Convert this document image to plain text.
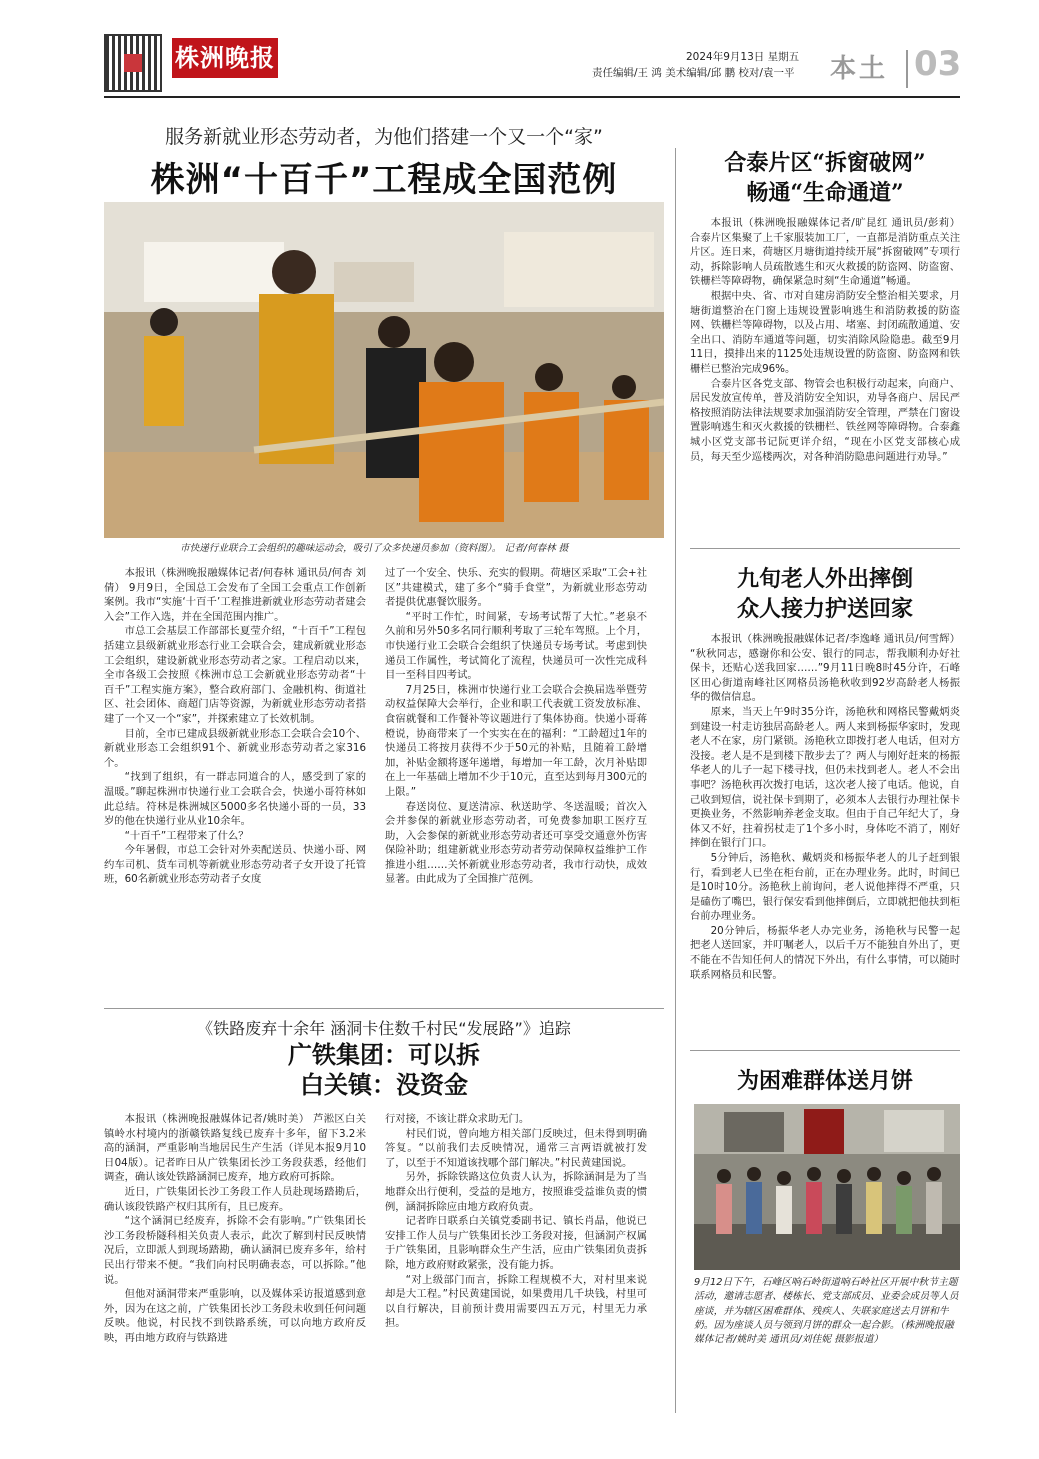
株洲晚报	2024年9月13日 星期五
责任编辑/王 鸿 美术编辑/邱 鹏 校对/袁一平	本土 03
服务新就业形态劳动者，为他们搭建一个又一个“家”
株洲“十百千”工程成全国范例
市快递行业联合工会组织的趣味运动会，吸引了众多快递员参加（资料图）。 记者/何春林 摄

本报讯（株洲晚报融媒体记者/何春林 通讯员/何杏 刘倩） 9月9日，全国总工会发布了全国工会重点工作创新案例。我市“实施‘十百千’工程推进新就业形态劳动者建会入会”工作入选，并在全国范围内推广。

市总工会基层工作部部长夏莹介绍，“十百千”工程包括建立县级新就业形态行业工会联合会，建成新就业形态工会组织，建设新就业形态劳动者之家。工程启动以来，全市各级工会按照《株洲市总工会新就业形态劳动者“十百千”工程实施方案》，整合政府部门、金融机构、街道社区、社会团体、商超门店等资源，为新就业形态劳动者搭建了一个又一个“家”，并探索建立了长效机制。

目前，全市已建成县级新就业形态工会联合会10个、新就业形态工会组织91个、新就业形态劳动者之家316个。

“找到了组织，有一群志同道合的人，感受到了家的温暖。”聊起株洲市快递行业工会联合会，快递小哥符林如此总结。符林是株洲城区5000多名快递小哥的一员，33岁的他在快递行业从业10余年。

“十百千”工程带来了什么？

今年暑假，市总工会针对外卖配送员、快递小哥、网约车司机、货车司机等新就业形态劳动者子女开设了托管班，60名新就业形态劳动者子女度

过了一个安全、快乐、充实的假期。荷塘区采取“工会+社区”共建模式，建了多个“骑手食堂”，为新就业形态劳动者提供优惠餐饮服务。

“平时工作忙，时间紧，专场考试帮了大忙。”老泉不久前和另外50多名同行顺利考取了三轮车驾照。上个月，市快递行业工会联合会组织了快递员专场考试。考虑到快递员工作属性，考试简化了流程，快递员可一次性完成科目一至科目四考试。

7月25日，株洲市快递行业工会联合会换届选举暨劳动权益保障大会举行，企业和职工代表就工资发放标准、食宿就餐和工作餐补等议题进行了集体协商。快递小哥蒋橙说，协商带来了一个实实在在的福利：“工龄超过1年的快递员工将按月获得不少于50元的补贴，且随着工龄增加，补贴金额将逐年递增，每增加一年工龄，次月补贴即在上一年基础上增加不少于10元，直至达到每月300元的上限。”

春送岗位、夏送清凉、秋送助学、冬送温暖；首次入会并参保的新就业形态劳动者，可免费参加职工医疗互助，入会参保的新就业形态劳动者还可享受交通意外伤害保险补助；组建新就业形态劳动者劳动保障权益维护工作推进小组……关怀新就业形态劳动者，我市行动快，成效显著。由此成为了全国推广范例。

《铁路废弃十余年 涵洞卡住数千村民“发展路”》追踪
广铁集团：可以拆
白关镇：没资金

本报讯（株洲晚报融媒体记者/姚时美） 芦淞区白关镇岭水村境内的浙赣铁路复线已废弃十多年，留下3.2米高的涵洞，严重影响当地居民生产生活（详见本报9月10日04版）。记者昨日从广铁集团长沙工务段获悉，经他们调查，确认该处铁路涵洞已废弃，地方政府可拆除。

近日，广铁集团长沙工务段工作人员赴现场踏勘后，确认该段铁路产权归其所有，且已废弃。

“这个涵洞已经废弃，拆除不会有影响。”广铁集团长沙工务段桥隧科相关负责人表示，此次了解到村民反映情况后，立即派人到现场踏勘，确认涵洞已废弃多年，给村民出行带来不便。“我们向村民明确表态，可以拆除。”他说。

但他对涵洞带来严重影响，以及媒体采访报道感到意外，因为在这之前，广铁集团长沙工务段未收到任何问题反映。他说，村民找不到铁路系统，可以向地方政府反映，再由地方政府与铁路进

行对接，不该让群众求助无门。

村民们说，曾向地方相关部门反映过，但未得到明确答复。“以前我们去反映情况，通常三言两语就被打发了，以至于不知道该找哪个部门解决。”村民黄建国说。

另外，拆除铁路这位负责人认为，拆除涵洞是为了当地群众出行便利，受益的是地方，按照谁受益谁负责的惯例，涵洞拆除应由地方政府负责。

记者昨日联系白关镇党委副书记、镇长肖晶，他说已安排工作人员与广铁集团长沙工务段对接，但涵洞产权属于广铁集团，且影响群众生产生活，应由广铁集团负责拆除，地方政府财政紧张，没有能力拆。

“对上级部门而言，拆除工程规模不大，对村里来说却是大工程。”村民黄建国说，如果费用几千块钱，村里可以自行解决，目前预计费用需要四五万元，村里无力承担。

合泰片区“拆窗破网”
畅通“生命通道”

本报讯（株洲晚报融媒体记者/旷昆红 通讯员/彭莉） 合泰片区集聚了上千家服装加工厂，一直都是消防重点关注片区。连日来，荷塘区月塘街道持续开展“拆窗破网”专项行动，拆除影响人员疏散逃生和灭火救援的防盗网、防盗窗、铁栅栏等障碍物，确保紧急时刻“生命通道”畅通。

根据中央、省、市对自建房消防安全整治相关要求，月塘街道整治在门窗上违规设置影响逃生和消防救援的防盗网、铁栅栏等障碍物，以及占用、堵塞、封闭疏散通道、安全出口、消防车通道等问题，切实消除风险隐患。截至9月11日，摸排出来的1125处违规设置的防盗窗、防盗网和铁栅栏已整治完成96%。

合泰片区各党支部、物管会也积极行动起来，向商户、居民发放宣传单，普及消防安全知识，劝导各商户、居民严格按照消防法律法规要求加强消防安全管理，严禁在门窗设置影响逃生和灭火救援的铁栅栏、铁丝网等障碍物。合泰鑫城小区党支部书记阮更详介绍，“现在小区党支部核心成员，每天至少巡楼两次，对各种消防隐患问题进行劝导。”

九旬老人外出摔倒
众人接力护送回家

本报讯（株洲晚报融媒体记者/李逸峰 通讯员/何雪辉） “秋秋同志，感谢你和公安、银行的同志，帮我顺利办好社保卡，还贴心送我回家……”9月11日晚8时45分许，石峰区田心街道南峰社区网格员汤艳秋收到92岁高龄老人杨振华的微信信息。

原来，当天上午9时35分许，汤艳秋和网格民警戴炳炎到建设一村走访独居高龄老人。两人来到杨振华家时，发现老人不在家，房门紧锁。汤艳秋立即拨打老人电话，但对方没接。老人是不是到楼下散步去了？两人与刚好赶来的杨振华老人的儿子一起下楼寻找，但仍未找到老人。老人不会出事吧？汤艳秋再次拨打电话，这次老人接了电话。他说，自己收到短信，说社保卡到期了，必须本人去银行办理社保卡更换业务，不然影响养老金支取。但由于自己年纪大了，身体又不好，拄着拐杖走了1个多小时，身体吃不消了，刚好摔倒在银行门口。

5分钟后，汤艳秋、戴炳炎和杨振华老人的儿子赶到银行，看到老人已坐在柜台前，正在办理业务。此时，时间已是10时10分。汤艳秋上前询问，老人说他摔得不严重，只是磕伤了嘴巴，银行保安看到他摔倒后，立即就把他扶到柜台前办理业务。

20分钟后，杨振华老人办完业务，汤艳秋与民警一起把老人送回家，并叮嘱老人，以后千万不能独自外出了，更不能在不告知任何人的情况下外出，有什么事情，可以随时联系网格员和民警。

为困难群体送月饼
9月12日下午，石峰区响石岭街道响石岭社区开展中秋节主题活动，邀请志愿者、楼栋长、党支部成员、业委会成员等人员座谈，并为辖区困难群体、残疾人、失联家庭送去月饼和牛奶。因为座谈人员与领到月饼的群众一起合影。（株洲晚报融媒体记者/姚时美 通讯员/刘佳妮 摄影报道）
